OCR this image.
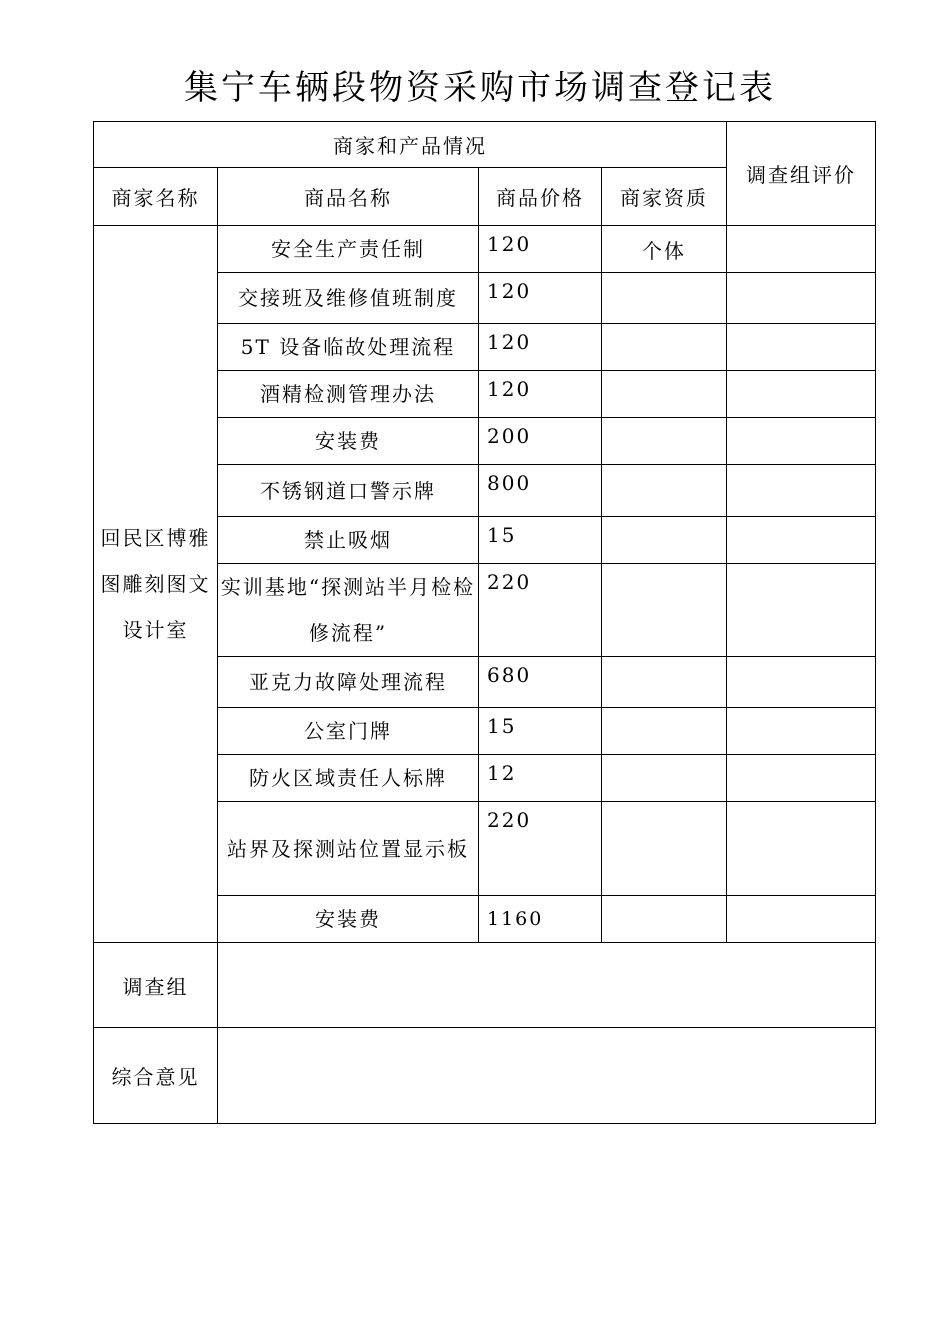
集宁车辆段物资采购市场调查登记表
商家和产品情况				调查组评价
商家名称	商品名称	商品价格	商家资质	
回民区博雅图雕刻图文设计室	安全生产责任制	120	个体	
	交接班及维修值班制度	120		
	5T 设备临故处理流程	120		
	酒精检测管理办法	120		
	安装费	200		
	不锈钢道口警示牌	800		
	禁止吸烟	15		
	实训基地“探测站半月检检修流程”	220		
	亚克力故障处理流程	680		
	公室门牌	15		
	防火区域责任人标牌	12		
	站界及探测站位置显示板	220		
	安装费	1160		
调查组				
综合意见				
